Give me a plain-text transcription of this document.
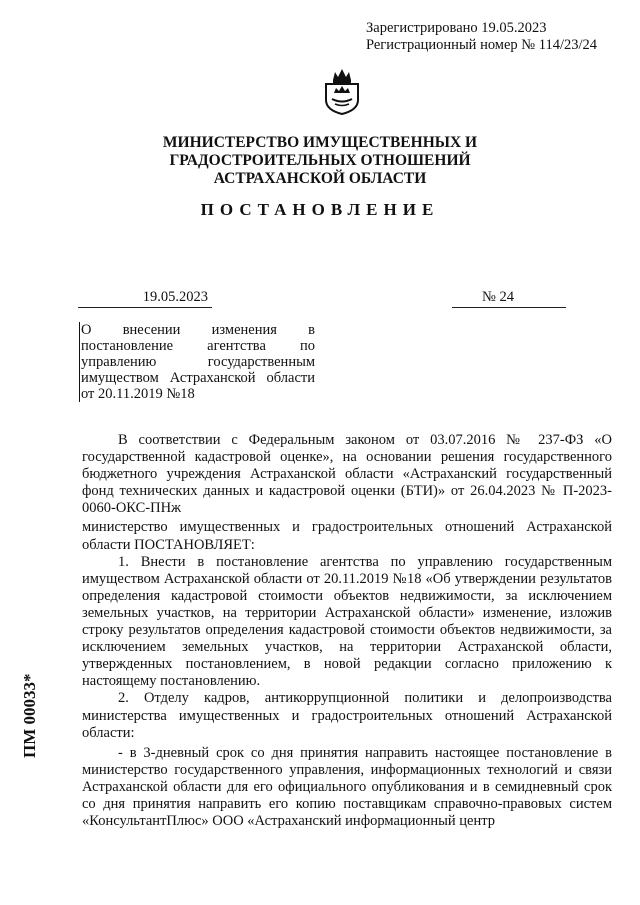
Зарегистрировано 19.05.2023
Регистрационный номер № 114/23/24
МИНИСТЕРСТВО ИМУЩЕСТВЕННЫХ И
ГРАДОСТРОИТЕЛЬНЫХ ОТНОШЕНИЙ
АСТРАХАНСКОЙ ОБЛАСТИ
ПОСТАНОВЛЕНИЕ
19.05.2023	№ 24
О внесении изменения в постановление агентства по управлению государственным имуществом Астраханской области от 20.11.2019 №18

В соответствии с Федеральным законом от 03.07.2016 № 237-ФЗ «О государственной кадастровой оценке», на основании решения государственного бюджетного учреждения Астраханской области «Астраханский государственный фонд технических данных и кадастровой оценки (БТИ)» от 26.04.2023 № П-2023-0060-ОКС-ПНж

министерство имущественных и градостроительных отношений Астраханской области ПОСТАНОВЛЯЕТ:

1. Внести в постановление агентства по управлению государственным имуществом Астраханской области от 20.11.2019 №18 «Об утверждении результатов определения кадастровой стоимости объектов недвижимости, за исключением земельных участков, на территории Астраханской области» изменение, изложив строку результатов определения кадастровой стоимости объектов недвижимости, за исключением земельных участков, на территории Астраханской области, утвержденных постановлением, в новой редакции согласно приложению к настоящему постановлению.

2. Отделу кадров, антикоррупционной политики и делопроизводства министерства имущественных и градостроительных отношений Астраханской области:

- в 3-дневный срок со дня принятия направить настоящее постановление в министерство государственного управления, информационных технологий и связи Астраханской области для его официального опубликования и в семидневный срок со дня принятия направить его копию поставщикам справочно-правовых систем «КонсультантПлюс» ООО «Астраханский информационный центр

ПМ 00033*
